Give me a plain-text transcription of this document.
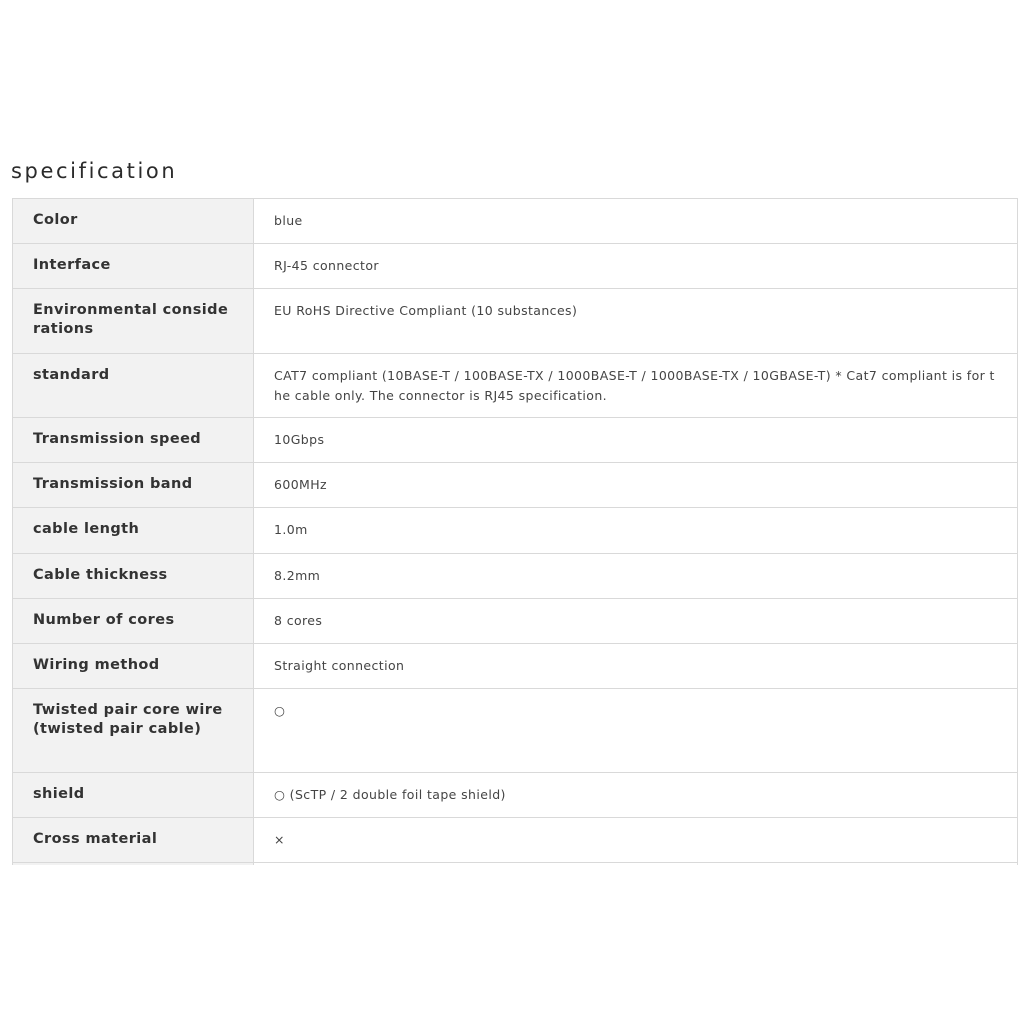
specification
Color	blue
Interface	RJ-45 connector
Environmental considerations	EU RoHS Directive Compliant (10 substances)
standard	CAT7 compliant (10BASE-T / 100BASE-TX / 1000BASE-T / 1000BASE-TX / 10GBASE-T) * Cat7 compliant is for the cable only. The connector is RJ45 specification.
Transmission speed	10Gbps
Transmission band	600MHz
cable length	1.0m
Cable thickness	8.2mm
Number of cores	8 cores
Wiring method	Straight connection
Twisted pair core wire (twisted pair cable)	○
shield	○ (ScTP / 2 double foil tape shield)
Cross material	×
